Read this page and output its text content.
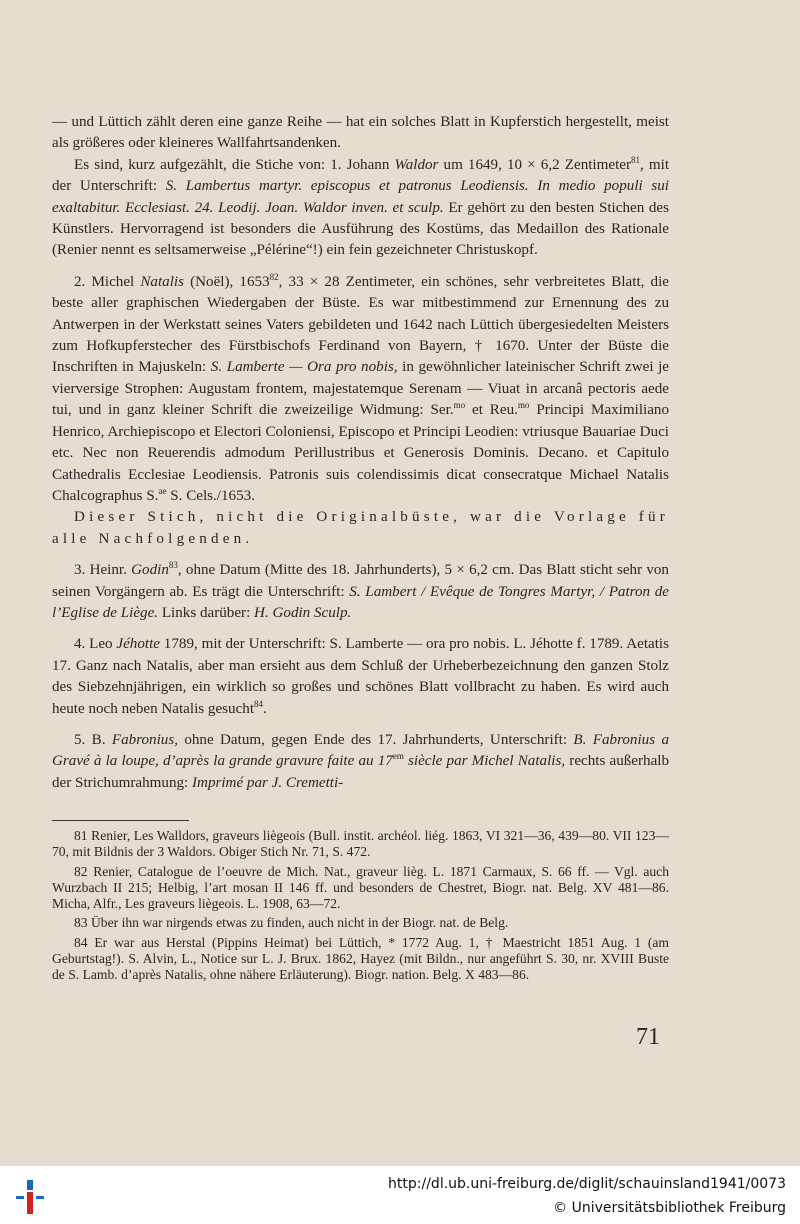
— und Lüttich zählt deren eine ganze Reihe — hat ein solches Blatt in Kupferstich hergestellt, meist als größeres oder kleineres Wallfahrtsandenken.

Es sind, kurz aufgezählt, die Stiche von: 1. Johann Waldor um 1649, 10 × 6,2 Zentimeter$^{81}$, mit der Unterschrift: S. Lambertus martyr. episcopus et patronus Leodiensis. In medio populi sui exaltabitur. Ecclesiast. 24. Leodij. Joan. Waldor inven. et sculp. Er gehört zu den besten Stichen des Künstlers. Hervorragend ist besonders die Ausführung des Kostüms, das Medaillon des Rationale (Renier nennt es seltsamerweise „Pélérine“!) ein fein gezeichneter Christuskopf.

2. Michel Natalis (Noël), 1653$^{82}$, 33 × 28 Zentimeter, ein schönes, sehr verbreitetes Blatt, die beste aller graphischen Wiedergaben der Büste. Es war mitbestimmend zur Ernennung des zu Antwerpen in der Werkstatt seines Vaters gebildeten und 1642 nach Lüttich übergesiedelten Meisters zum Hofkupferstecher des Fürstbischofs Ferdinand von Bayern, † 1670. Unter der Büste die Inschriften in Majuskeln: S. Lamberte — Ora pro nobis, in gewöhnlicher lateinischer Schrift zwei je vierversige Strophen: Augustam frontem, majestatemque Serenam — Viuat in arcanâ pectoris aede tui, und in ganz kleiner Schrift die zweizeilige Widmung: Ser.$^{mo}$ et Reu.$^{mo}$ Principi Maximiliano Henrico, Archiepiscopo et Electori Coloniensi, Episcopo et Principi Leodien: vtriusque Bauariae Duci etc. Nec non Reuerendis admodum Perillustribus et Generosis Dominis. Decano. et Capitulo Cathedralis Ecclesiae Leodiensis. Patronis suis colendissimis dicat consecratque Michael Natalis Chalcographus S.$^{ae}$ S. Cels./1653.

Dieser Stich, nicht die Originalbüste, war die Vorlage für alle Nachfolgenden.

3. Heinr. Godin$^{83}$, ohne Datum (Mitte des 18. Jahrhunderts), 5 × 6,2 cm. Das Blatt sticht sehr von seinen Vorgängern ab. Es trägt die Unterschrift: S. Lambert / Evêque de Tongres Martyr, / Patron de l’Eglise de Liège. Links darüber: H. Godin Sculp.

4. Leo Jéhotte 1789, mit der Unterschrift: S. Lamberte — ora pro nobis. L. Jéhotte f. 1789. Aetatis 17. Ganz nach Natalis, aber man ersieht aus dem Schluß der Urheberbezeichnung den ganzen Stolz des Siebzehnjährigen, ein wirklich so großes und schönes Blatt vollbracht zu haben. Es wird auch heute noch neben Natalis gesucht$^{84}$.

5. B. Fabronius, ohne Datum, gegen Ende des 17. Jahrhunderts, Unterschrift: B. Fabronius a Gravé à la loupe, d’après la grande gravure faite au $17^{em}$ siècle par Michel Natalis, rechts außerhalb der Strichumrahmung: Imprimé par J. Cremetti-

81 Renier, Les Walldors, graveurs liègeois (Bull. instit. archéol. liég. 1863, VI 321—36, 439—80. VII 123—70, mit Bildnis der 3 Waldors. Obiger Stich Nr. 71, S. 472.

82 Renier, Catalogue de l’oeuvre de Mich. Nat., graveur lièg. L. 1871 Carmaux, S. 66 ff. — Vgl. auch Wurzbach II 215; Helbig, l’art mosan II 146 ff. und besonders de Chestret, Biogr. nat. Belg. XV 481—86. Micha, Alfr., Les graveurs liègeois. L. 1908, 63—72.

83 Über ihn war nirgends etwas zu finden, auch nicht in der Biogr. nat. de Belg.

84 Er war aus Herstal (Pippins Heimat) bei Lüttich, * 1772 Aug. 1, † Maestricht 1851 Aug. 1 (am Geburtstag!). S. Alvin, L., Notice sur L. J. Brux. 1862, Hayez (mit Bildn., nur angeführt S. 30, nr. XVIII Buste de S. Lamb. d’après Natalis, ohne nähere Erläuterung). Biogr. nation. Belg. X 483—86.

71
http://dl.ub.uni-freiburg.de/diglit/schauinsland1941/0073
© Universitätsbibliothek Freiburg
